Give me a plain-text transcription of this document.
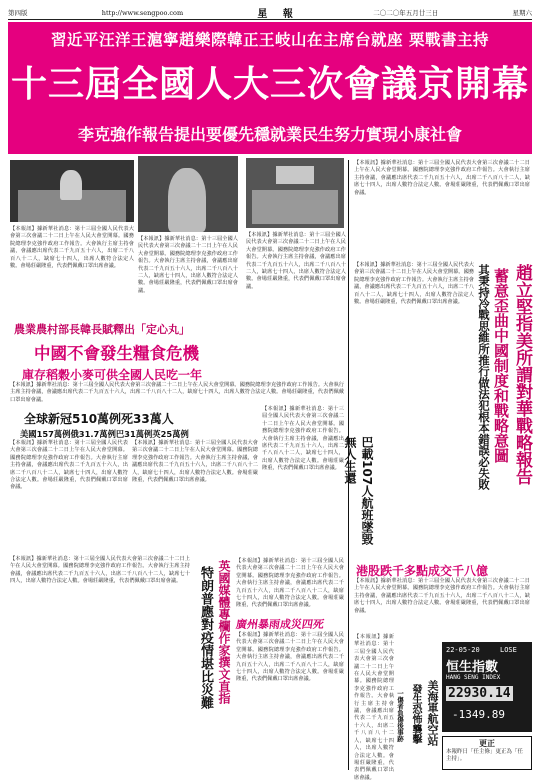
第四版	http://www.sengpoo.com	星 報	二〇二〇年五月廿三日	星期六
習近平汪洋王滬寧趙樂際韓正王岐山在主席台就座 栗戰書主持
十三屆全國人大三次會議京開幕
李克強作報告提出要優先穩就業民生努力實現小康社會
【本報訊】據新華社消息：第十三屆全國人民代表大會第三次會議二十二日上午在人民大會堂開幕。國務院總理李克強作政府工作報告。大會執行主席主持會議，會議應出席代表二千九百五十六人，出席二千八百八十二人，缺席七十四人，出席人數符合法定人數。會場莊嚴隆重，代表們佩戴口罩出席會議。
【本報訊】據新華社消息：第十三屆全國人民代表大會第三次會議二十二日上午在人民大會堂開幕。國務院總理李克強作政府工作報告。大會執行主席主持會議，會議應出席代表二千九百五十六人，出席二千八百八十二人，缺席七十四人，出席人數符合法定人數。會場莊嚴隆重，代表們佩戴口罩出席會議。
【本報訊】據新華社消息：第十三屆全國人民代表大會第三次會議二十二日上午在人民大會堂開幕。國務院總理李克強作政府工作報告。大會執行主席主持會議，會議應出席代表二千九百五十六人，出席二千八百八十二人，缺席七十四人，出席人數符合法定人數。會場莊嚴隆重，代表們佩戴口罩出席會議。
【本報訊】據新華社消息：第十三屆全國人民代表大會第三次會議二十二日上午在人民大會堂開幕。國務院總理李克強作政府工作報告。大會執行主席主持會議，會議應出席代表二千九百五十六人，出席二千八百八十二人，缺席七十四人，出席人數符合法定人數。會場莊嚴隆重，代表們佩戴口罩出席會議。
農業農村部長韓長賦釋出「定心丸」
中國不會發生糧食危機
庫存稻穀小麥可供全國人民吃一年
【本報訊】據新華社消息：第十三屆全國人民代表大會第三次會議二十二日上午在人民大會堂開幕。國務院總理李克強作政府工作報告。大會執行主席主持會議，會議應出席代表二千九百五十六人，出席二千八百八十二人，缺席七十四人，出席人數符合法定人數。會場莊嚴隆重，代表們佩戴口罩出席會議。
全球新冠510萬例死33萬人
美國157萬例俄31.7萬例巴31萬例英25萬例
【本報訊】據新華社消息：第十三屆全國人民代表大會第三次會議二十二日上午在人民大會堂開幕。國務院總理李克強作政府工作報告。大會執行主席主持會議，會議應出席代表二千九百五十六人，出席二千八百八十二人，缺席七十四人，出席人數符合法定人數。會場莊嚴隆重，代表們佩戴口罩出席會議。
【本報訊】據新華社消息：第十三屆全國人民代表大會第三次會議二十二日上午在人民大會堂開幕。國務院總理李克強作政府工作報告。大會執行主席主持會議，會議應出席代表二千九百五十六人，出席二千八百八十二人，缺席七十四人，出席人數符合法定人數。會場莊嚴隆重，代表們佩戴口罩出席會議。
【本報訊】據新華社消息：第十三屆全國人民代表大會第三次會議二十二日上午在人民大會堂開幕。國務院總理李克強作政府工作報告。大會執行主席主持會議，會議應出席代表二千九百五十六人，出席二千八百八十二人，缺席七十四人，出席人數符合法定人數。會場莊嚴隆重，代表們佩戴口罩出席會議。	巴載107人航班墜毀無人生還
【本報訊】據新華社消息：第十三屆全國人民代表大會第三次會議二十二日上午在人民大會堂開幕。國務院總理李克強作政府工作報告。大會執行主席主持會議，會議應出席代表二千九百五十六人，出席二千八百八十二人，缺席七十四人，出席人數符合法定人數。會場莊嚴隆重，代表們佩戴口罩出席會議。	趙立堅指美所謂對華戰略報告
蓄意歪曲中國制度和戰略意圖
其秉持冷戰思維所推行做法犯根本錯誤必失敗
英國媒體專欄作家撰文直指
特朗普應對疫情堪比災難
【本報訊】據新華社消息：第十三屆全國人民代表大會第三次會議二十二日上午在人民大會堂開幕。國務院總理李克強作政府工作報告。大會執行主席主持會議，會議應出席代表二千九百五十六人，出席二千八百八十二人，缺席七十四人，出席人數符合法定人數。會場莊嚴隆重，代表們佩戴口罩出席會議。
廣州暴雨成災四死
【本報訊】據新華社消息：第十三屆全國人民代表大會第三次會議二十二日上午在人民大會堂開幕。國務院總理李克強作政府工作報告。大會執行主席主持會議，會議應出席代表二千九百五十六人，出席二千八百八十二人，缺席七十四人，出席人數符合法定人數。會場莊嚴隆重，代表們佩戴口罩出席會議。
【本報訊】據新華社消息：第十三屆全國人民代表大會第三次會議二十二日上午在人民大會堂開幕。國務院總理李克強作政府工作報告。大會執行主席主持會議，會議應出席代表二千九百五十六人，出席二千八百八十二人，缺席七十四人，出席人數符合法定人數。會場莊嚴隆重，代表們佩戴口罩出席會議。
港股跌千多點成交千八億
【本報訊】據新華社消息：第十三屆全國人民代表大會第三次會議二十二日上午在人民大會堂開幕。國務院總理李克強作政府工作報告。大會執行主席主持會議，會議應出席代表二千九百五十六人，出席二千八百八十二人，缺席七十四人，出席人數符合法定人數。會場莊嚴隆重，代表們佩戴口罩出席會議。
22-05-20	LOSE
恒生指數
HANG SENG INDEX
22930.14
-1349.89
美海軍航空站
發生恐怖襲擊
一傷者負傷後事跡
【本報訊】據新華社消息：第十三屆全國人民代表大會第三次會議二十二日上午在人民大會堂開幕。國務院總理李克強作政府工作報告。大會執行主席主持會議，會議應出席代表二千九百五十六人，出席二千八百八十二人，缺席七十四人，出席人數符合法定人數。會場莊嚴隆重，代表們佩戴口罩出席會議。
更正
本報昨日「任主條」更正為「任主持」。
